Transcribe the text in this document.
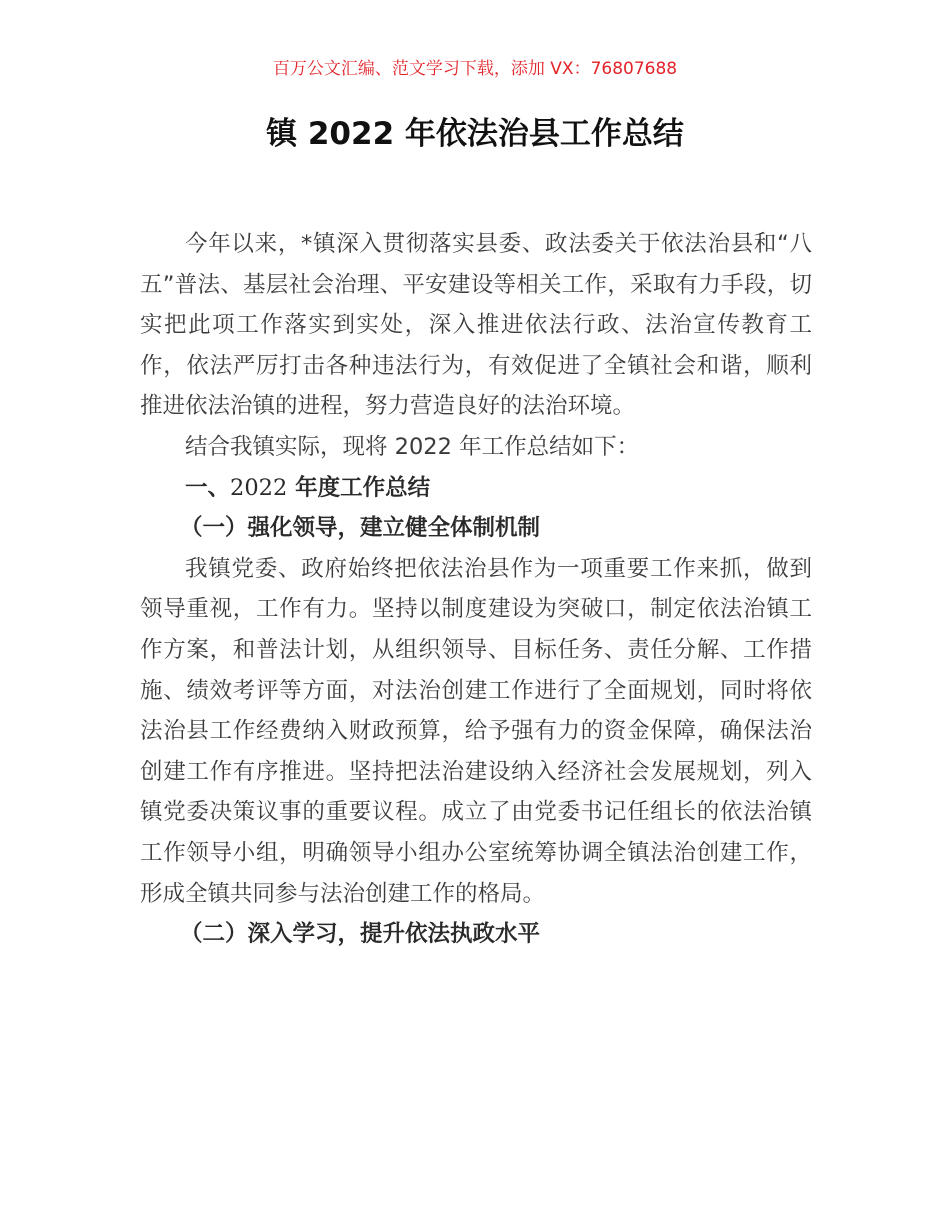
百万公文汇编、范文学习下载，添加 VX：76807688
镇 2022 年依法治县工作总结

今年以来，*镇深入贯彻落实县委、政法委关于依法治县和“八五”普法、基层社会治理、平安建设等相关工作，采取有力手段，切实把此项工作落实到实处，深入推进依法行政、法治宣传教育工作，依法严厉打击各种违法行为，有效促进了全镇社会和谐，顺利推进依法治镇的进程，努力营造良好的法治环境。

结合我镇实际，现将 2022 年工作总结如下：

一、2022 年度工作总结

（一）强化领导，建立健全体制机制

我镇党委、政府始终把依法治县作为一项重要工作来抓，做到领导重视，工作有力。坚持以制度建设为突破口，制定依法治镇工作方案，和普法计划，从组织领导、目标任务、责任分解、工作措施、绩效考评等方面，对法治创建工作进行了全面规划，同时将依法治县工作经费纳入财政预算，给予强有力的资金保障，确保法治创建工作有序推进。坚持把法治建设纳入经济社会发展规划，列入镇党委决策议事的重要议程。成立了由党委书记任组长的依法治镇工作领导小组，明确领导小组办公室统筹协调全镇法治创建工作，形成全镇共同参与法治创建工作的格局。

（二）深入学习，提升依法执政水平
